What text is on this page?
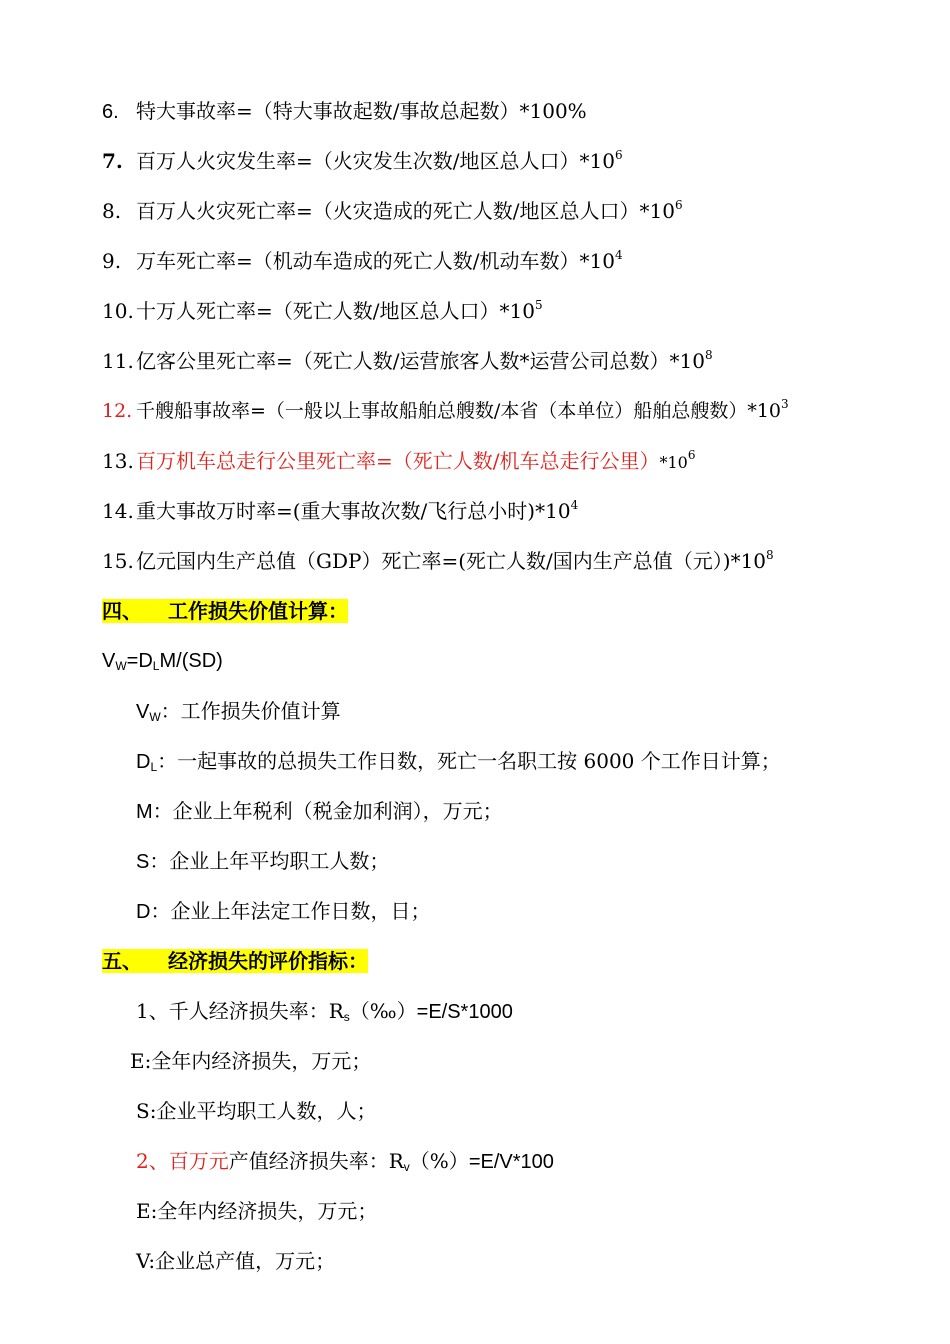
6. 特大事故率=（特大事故起数/事故总起数）*100%
7. 百万人火灾发生率=（火灾发生次数/地区总人口）$*10^6$
8. 百万人火灾死亡率=（火灾造成的死亡人数/地区总人口）$*10^6$
9. 万车死亡率=（机动车造成的死亡人数/机动车数）$*10^4$
10. 十万人死亡率=（死亡人数/地区总人口）$*10^5$
11. 亿客公里死亡率=（死亡人数/运营旅客人数*运营公司总数）$*10^8$
12. 千艘船事故率=（一般以上事故船舶总艘数/本省（本单位）船舶总艘数）$*10^3$
13. 百万机车总走行公里死亡率=（死亡人数/机车总走行公里）$*10^6$
14. 重大事故万时率=(重大事故次数/飞行总小时)$*10^4$
15. 亿元国内生产总值（GDP）死亡率=(死亡人数/国内生产总值（元）)$*10^8$
四、 工作损失价值计算：
$V_W=D_LM/(SD)$
$V_W$：工作损失价值计算
$D_L$：一起事故的总损失工作日数，死亡一名职工按 6000 个工作日计算；
M：企业上年税利（税金加利润），万元；
S：企业上年平均职工人数；
D：企业上年法定工作日数，日；
五、 经济损失的评价指标：
1、千人经济损失率：$R_s(‰)=E/S*1000$
E:全年内经济损失，万元；
S:企业平均职工人数，人；
2、百万元产值经济损失率：$R_v(\%)=E/V*100$
E:全年内经济损失，万元；
V:企业总产值，万元；
